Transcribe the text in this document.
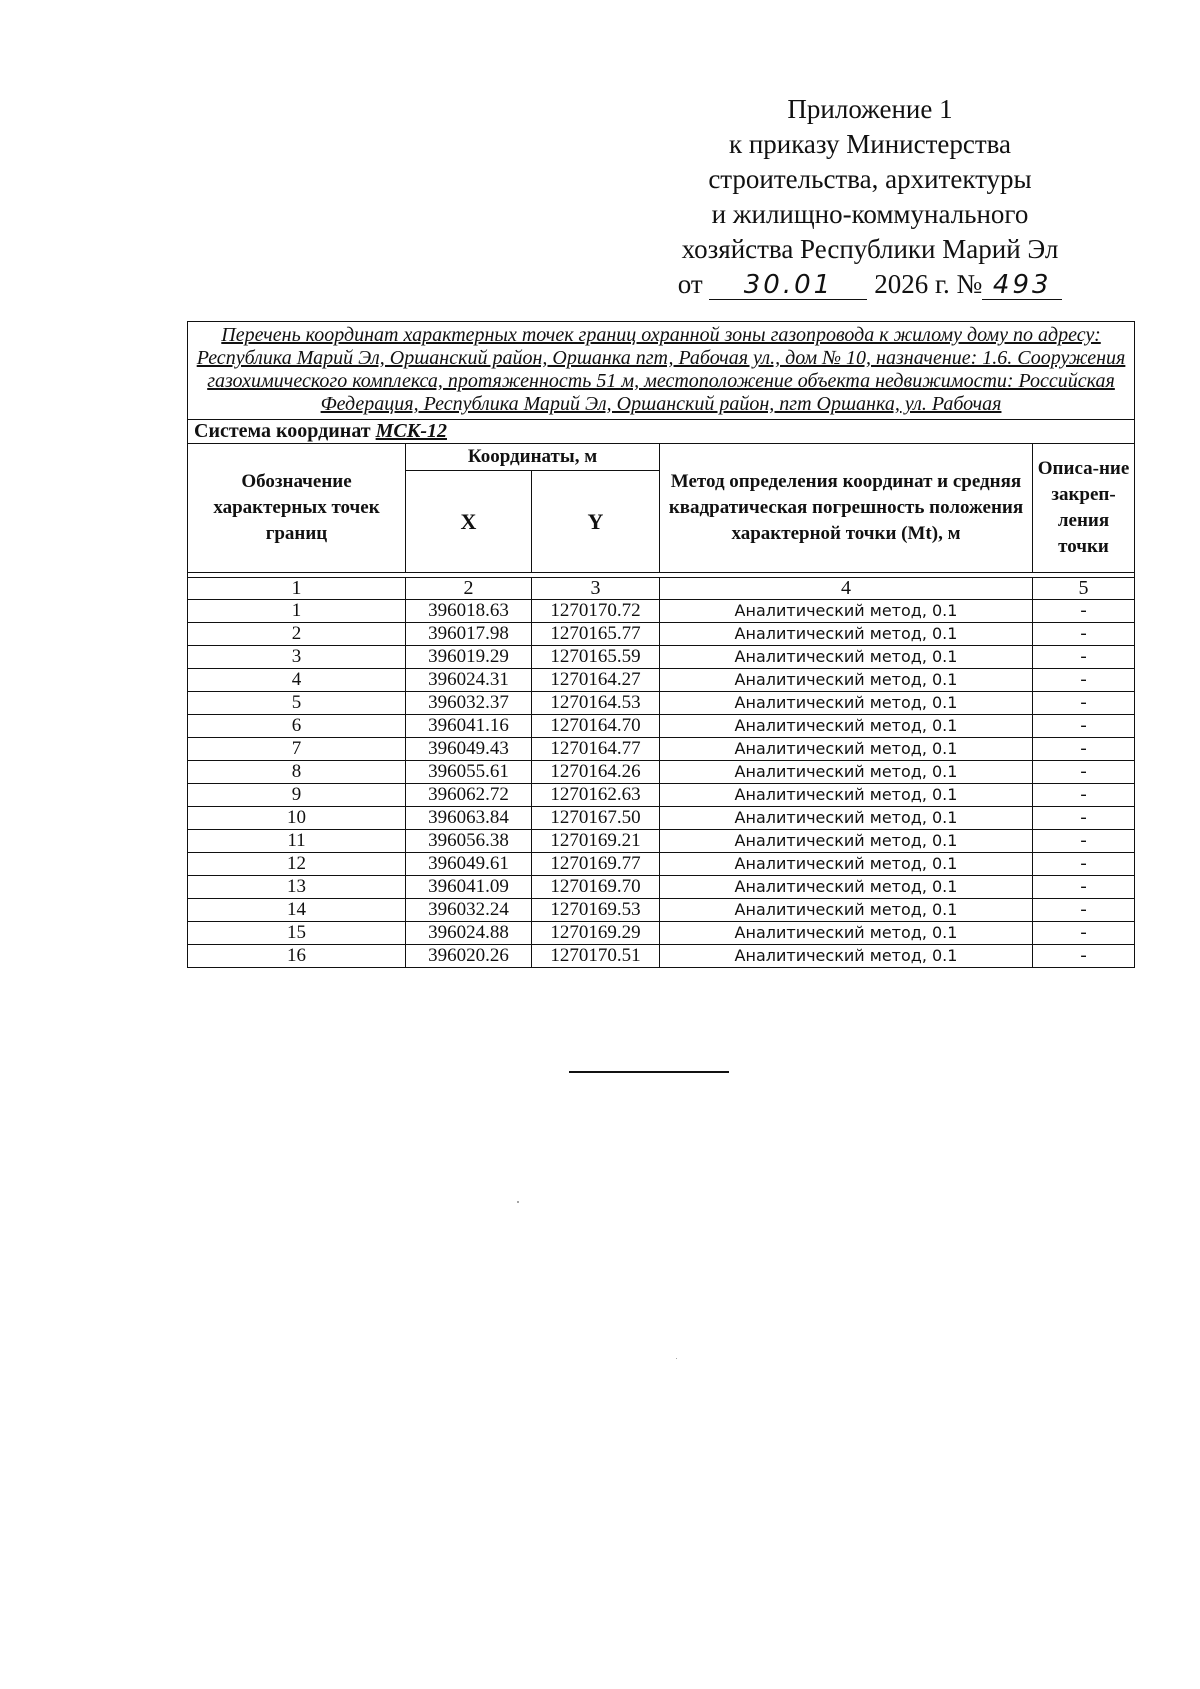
Приложение 1
к приказу Министерства
строительства, архитектуры
и жилищно-коммунального
хозяйства Республики Марий Эл
от 30.01 2026 г. № 493
Перечень координат характерных точек границ охранной зоны газопровода к жилому дому по адресу: Республика Марий Эл, Оршанский район, Оршанка пгт, Рабочая ул., дом № 10, назначение: 1.6. Сооружения газохимического комплекса, протяженность 51 м, местоположение объекта недвижимости: Российская Федерация, Республика Марий Эл, Оршанский район, пгт Оршанка, ул. Рабочая				
Система координат МСК-12				
Обозначение характерных точек границ	Координаты, м		Метод определения координат и средняя квадратическая погрешность положения характерной точки (Mt), м	Описа-ние закреп-ления точки
	X	Y		

1	2	3	4	5
1	396018.63	1270170.72	Аналитический метод, 0.1	-
2	396017.98	1270165.77	Аналитический метод, 0.1	-
3	396019.29	1270165.59	Аналитический метод, 0.1	-
4	396024.31	1270164.27	Аналитический метод, 0.1	-
5	396032.37	1270164.53	Аналитический метод, 0.1	-
6	396041.16	1270164.70	Аналитический метод, 0.1	-
7	396049.43	1270164.77	Аналитический метод, 0.1	-
8	396055.61	1270164.26	Аналитический метод, 0.1	-
9	396062.72	1270162.63	Аналитический метод, 0.1	-
10	396063.84	1270167.50	Аналитический метод, 0.1	-
11	396056.38	1270169.21	Аналитический метод, 0.1	-
12	396049.61	1270169.77	Аналитический метод, 0.1	-
13	396041.09	1270169.70	Аналитический метод, 0.1	-
14	396032.24	1270169.53	Аналитический метод, 0.1	-
15	396024.88	1270169.29	Аналитический метод, 0.1	-
16	396020.26	1270170.51	Аналитический метод, 0.1	-
